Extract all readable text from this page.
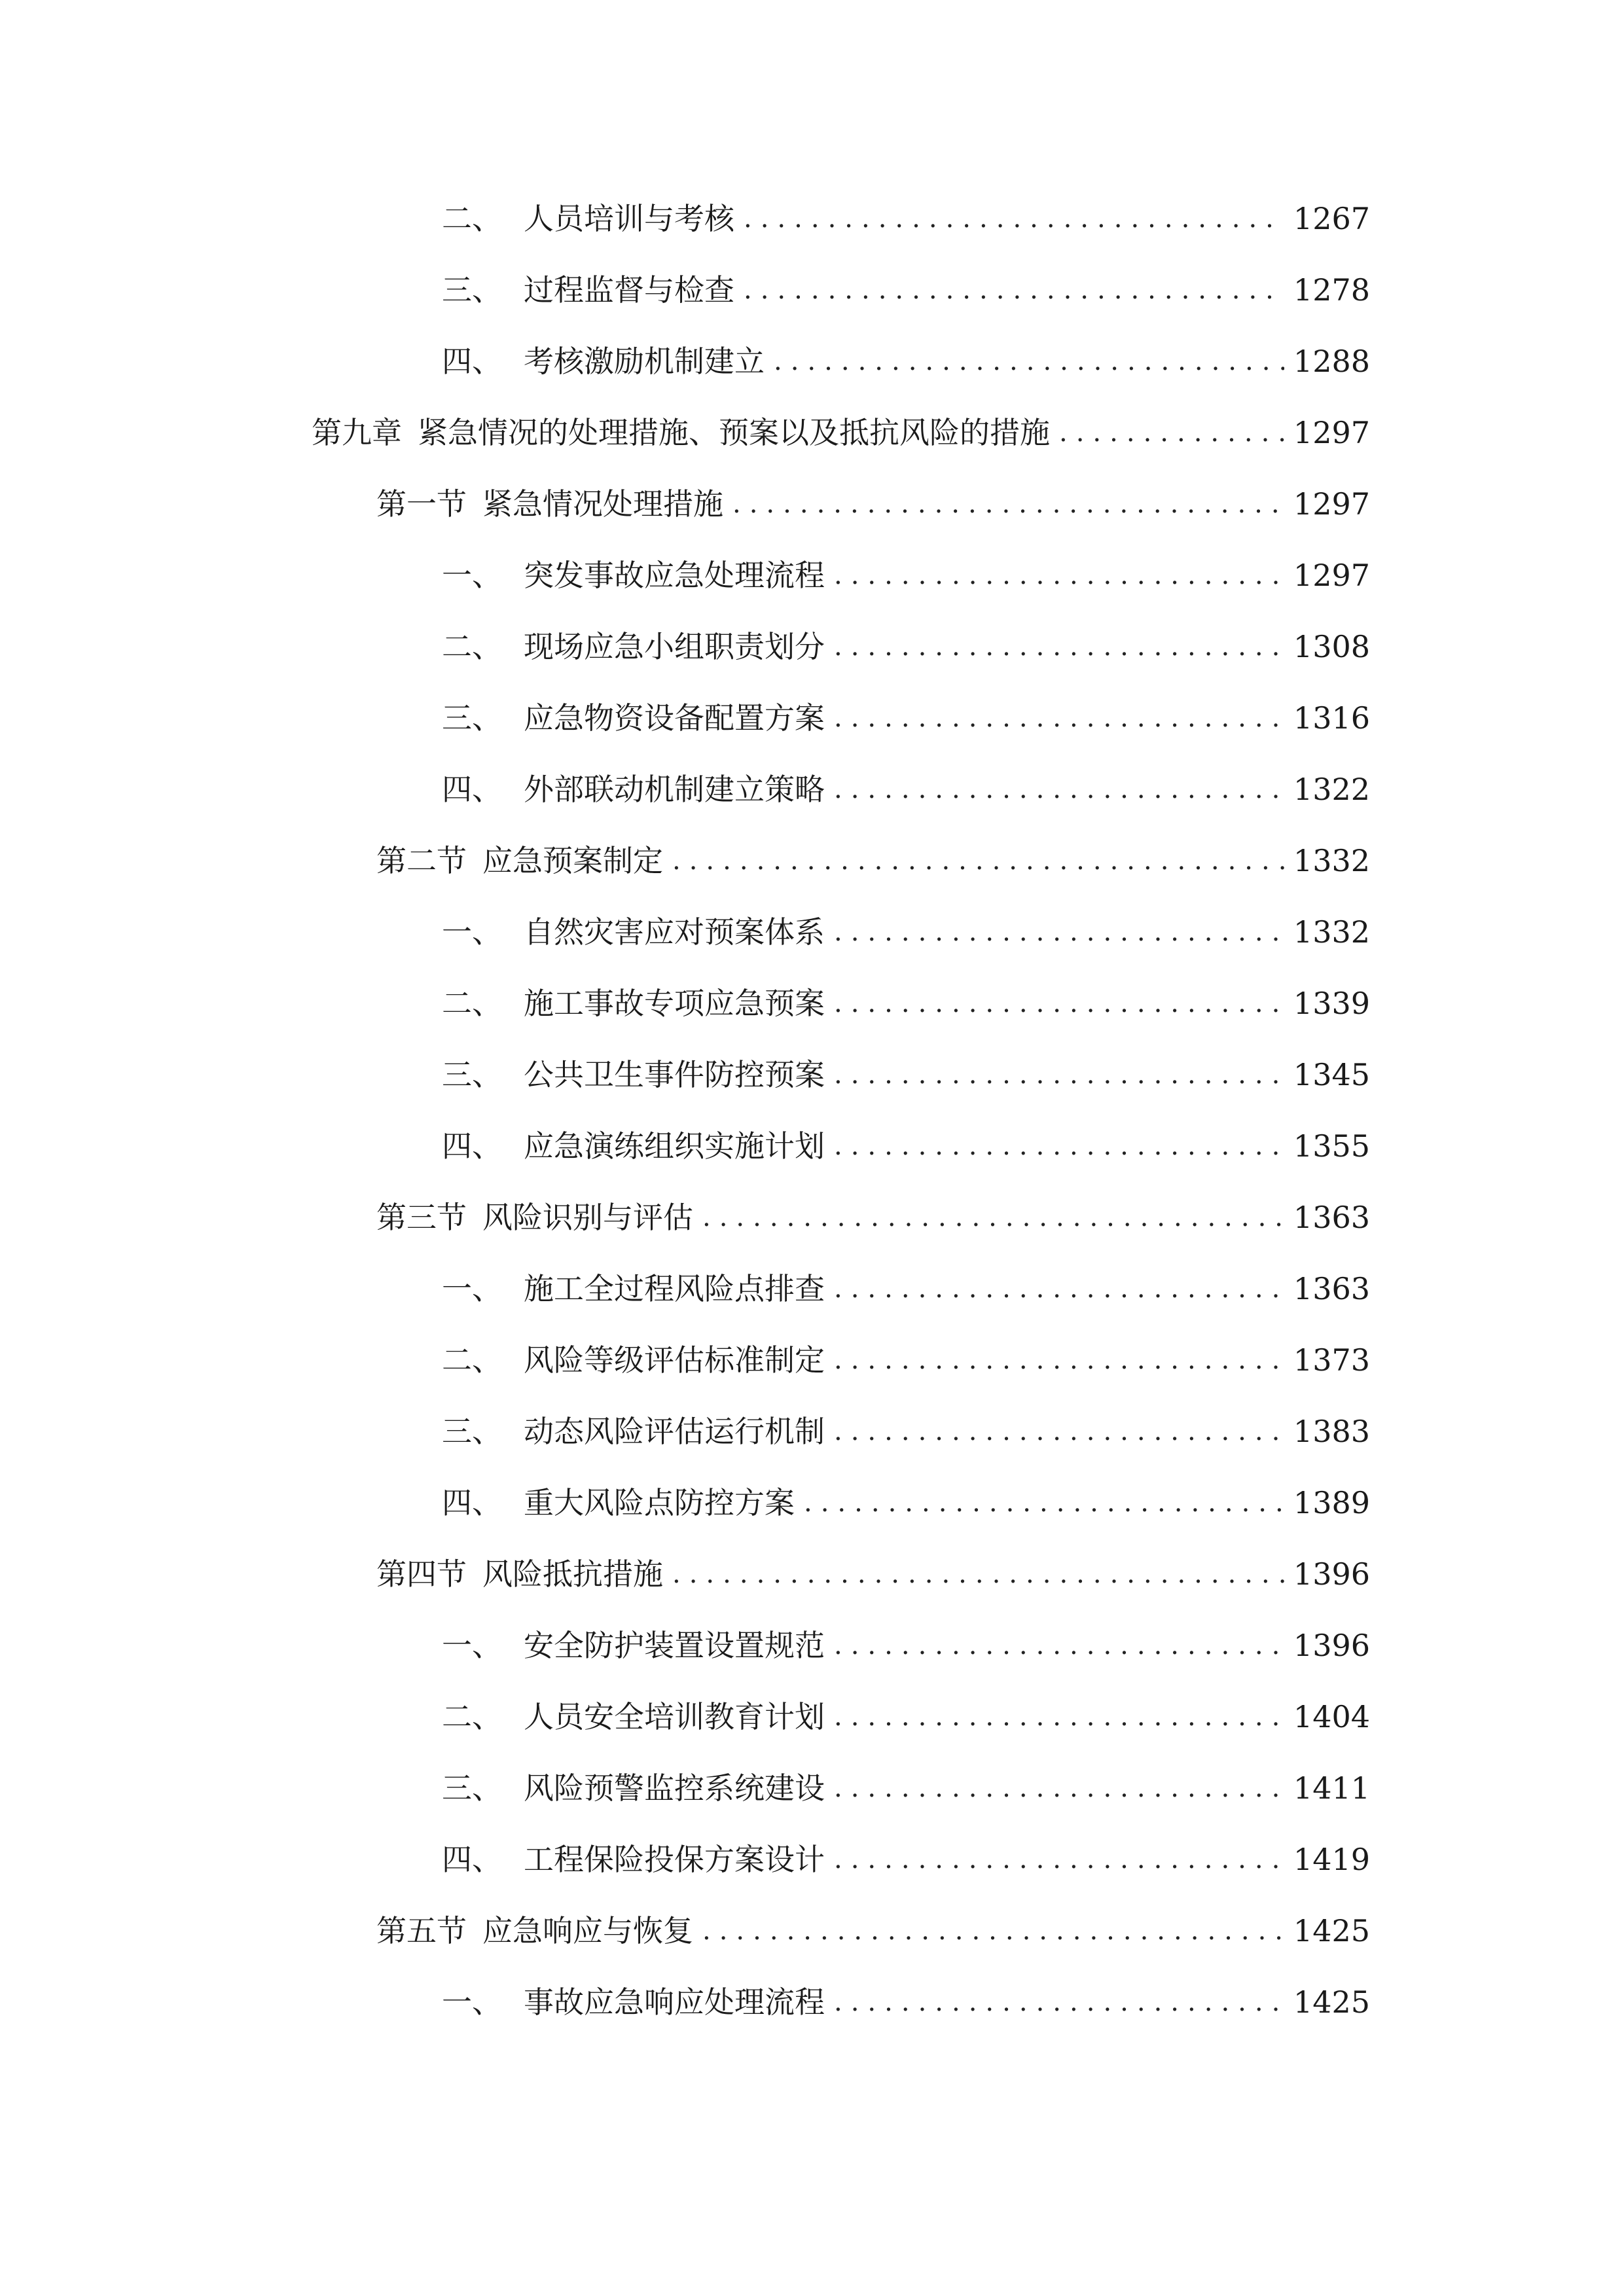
二、 人员培训与考核 .....	1267
三、 过程监督与检查 .....	1278
四、 考核激励机制建立 .....	1288
第九章 紧急情况的处理措施、预案以及抵抗风险的措施 .....	1297
第一节 紧急情况处理措施 .....	1297
一、 突发事故应急处理流程 .....	1297
二、 现场应急小组职责划分 .....	1308
三、 应急物资设备配置方案 .....	1316
四、 外部联动机制建立策略 .....	1322
第二节 应急预案制定 .....	1332
一、 自然灾害应对预案体系 .....	1332
二、 施工事故专项应急预案 .....	1339
三、 公共卫生事件防控预案 .....	1345
四、 应急演练组织实施计划 .....	1355
第三节 风险识别与评估 .....	1363
一、 施工全过程风险点排查 .....	1363
二、 风险等级评估标准制定 .....	1373
三、 动态风险评估运行机制 .....	1383
四、 重大风险点防控方案 .....	1389
第四节 风险抵抗措施 .....	1396
一、 安全防护装置设置规范 .....	1396
二、 人员安全培训教育计划 .....	1404
三、 风险预警监控系统建设 .....	1411
四、 工程保险投保方案设计 .....	1419
第五节 应急响应与恢复 .....	1425
一、 事故应急响应处理流程 .....	1425
